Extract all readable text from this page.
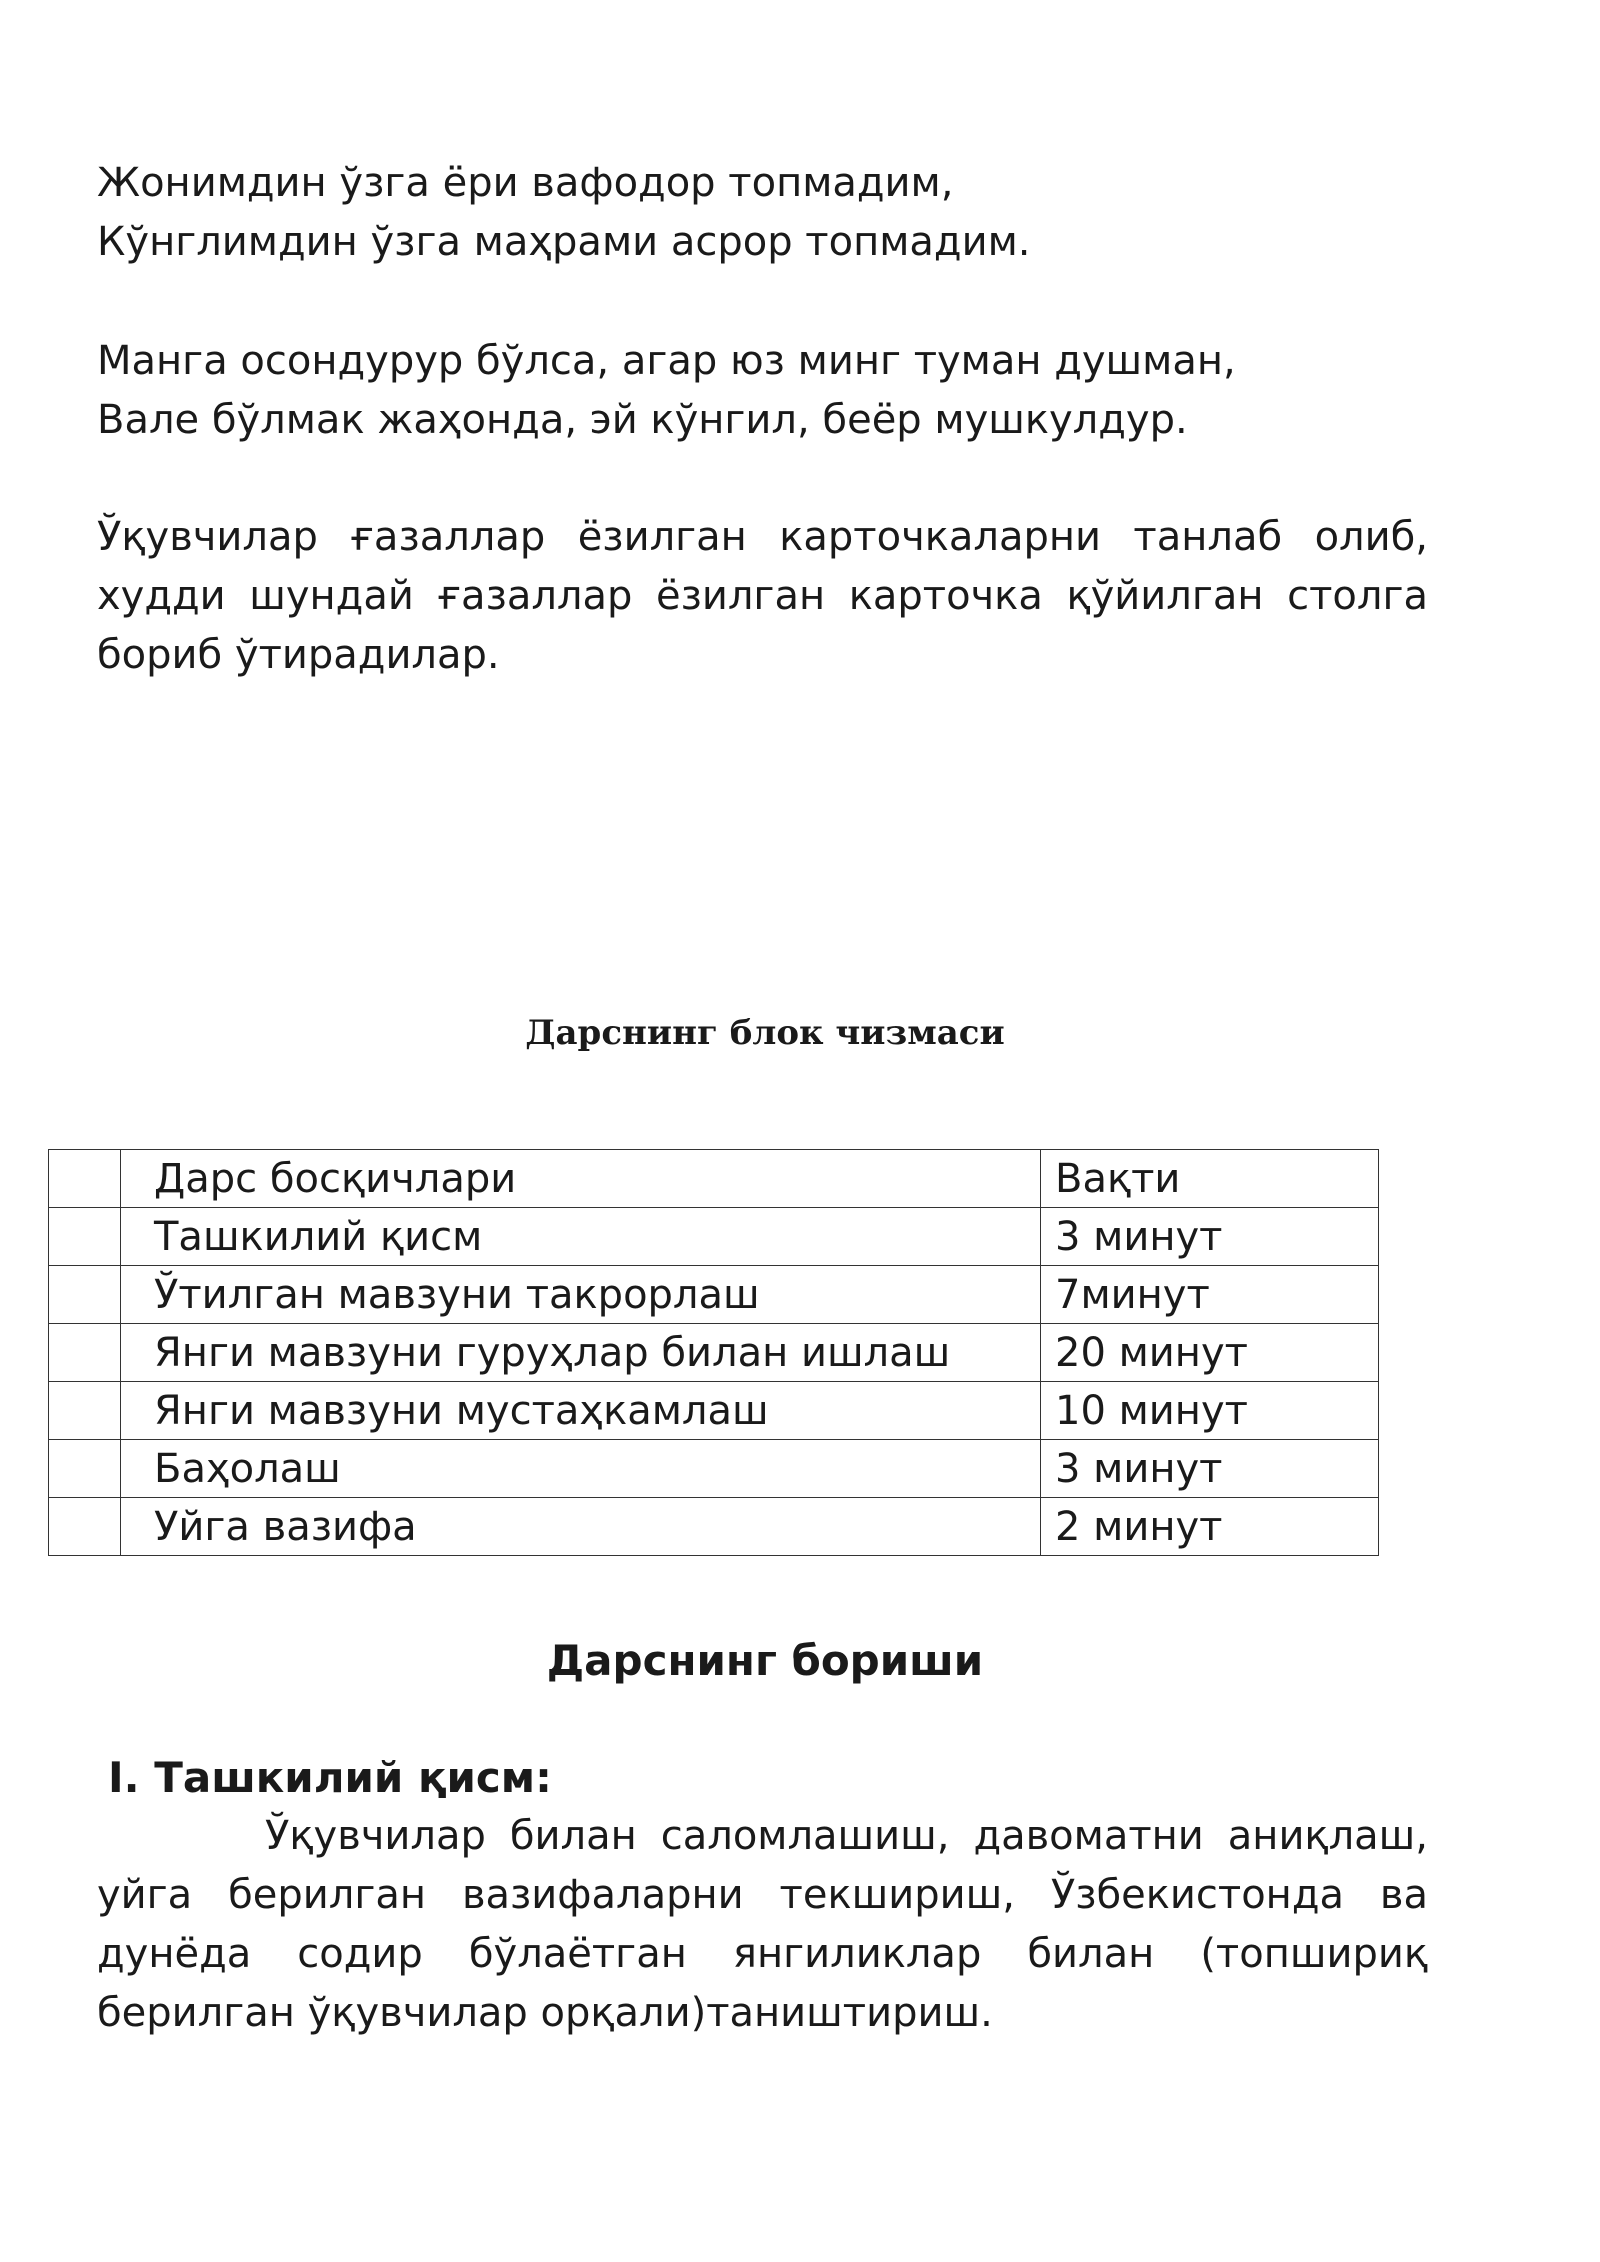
Жонимдин ўзга ёри вафодор топмадим,

Кўнглимдин ўзга маҳрами асрор топмадим.

Манга осондурур бўлса, агар юз минг туман душман,

Вале бўлмак жаҳонда, эй кўнгил, беёр мушкулдур.

Ўқувчилар ғазаллар ёзилган карточкаларни танлаб олиб, худди шундай ғазаллар ёзилган карточка қўйилган столга бориб ўтирадилар.

Дарснинг блок чизмаси

	Дарс босқичлари	Вақти
	Ташкилий қисм	3 минут
	Ўтилган мавзуни такрорлаш	7минут
	Янги мавзуни гуруҳлар билан ишлаш	20 минут
	Янги мавзуни мустаҳкамлаш	10 минут
	Баҳолаш	3 минут
	Уйга вазифа	2 минут

Дарснинг бориши

I. Ташкилий қисм:

Ўқувчилар билан саломлашиш, давоматни аниқлаш, уйга берилган вазифаларни текшириш, Ўзбекистонда ва дунёда содир бўлаётган янгиликлар билан (топшириқ берилган ўқувчилар орқали)таништириш.
